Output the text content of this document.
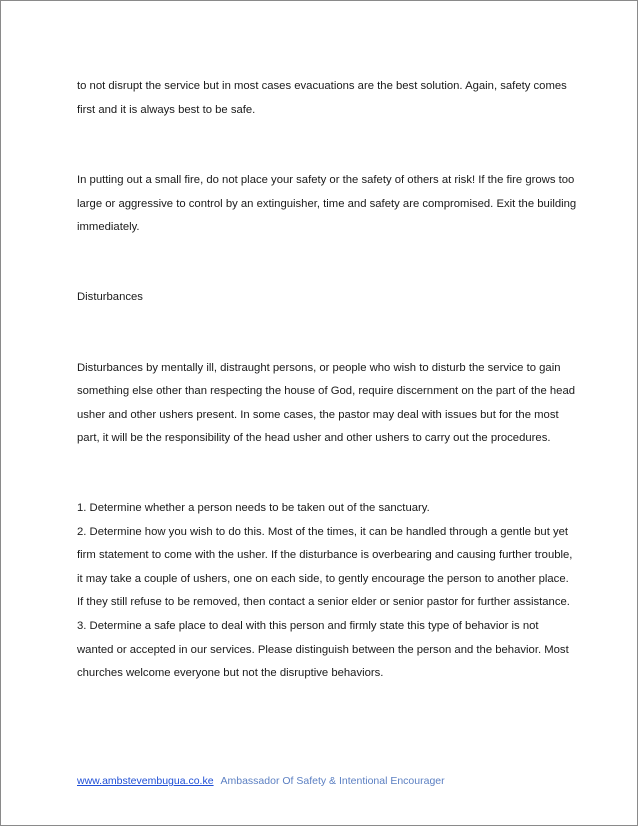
to not disrupt the service but in most cases evacuations are the best solution. Again, safety comes first and it is always best to be safe.

In putting out a small fire, do not place your safety or the safety of others at risk! If the fire grows too large or aggressive to control by an extinguisher, time and safety are compromised. Exit the building immediately.

Disturbances

Disturbances by mentally ill, distraught persons, or people who wish to disturb the service to gain something else other than respecting the house of God, require discernment on the part of the head usher and other ushers present. In some cases, the pastor may deal with issues but for the most part, it will be the responsibility of the head usher and other ushers to carry out the procedures.

1. Determine whether a person needs to be taken out of the sanctuary.

2. Determine how you wish to do this. Most of the times, it can be handled through a gentle but yet firm statement to come with the usher. If the disturbance is overbearing and causing further trouble, it may take a couple of ushers, one on each side, to gently encourage the person to another place. If they still refuse to be removed, then contact a senior elder or senior pastor for further assistance.

3. Determine a safe place to deal with this person and firmly state this type of behavior is not wanted or accepted in our services. Please distinguish between the person and the behavior. Most churches welcome everyone but not the disruptive behaviors.

www.ambstevembugua.co.ke Ambassador Of Safety & Intentional Encourager
